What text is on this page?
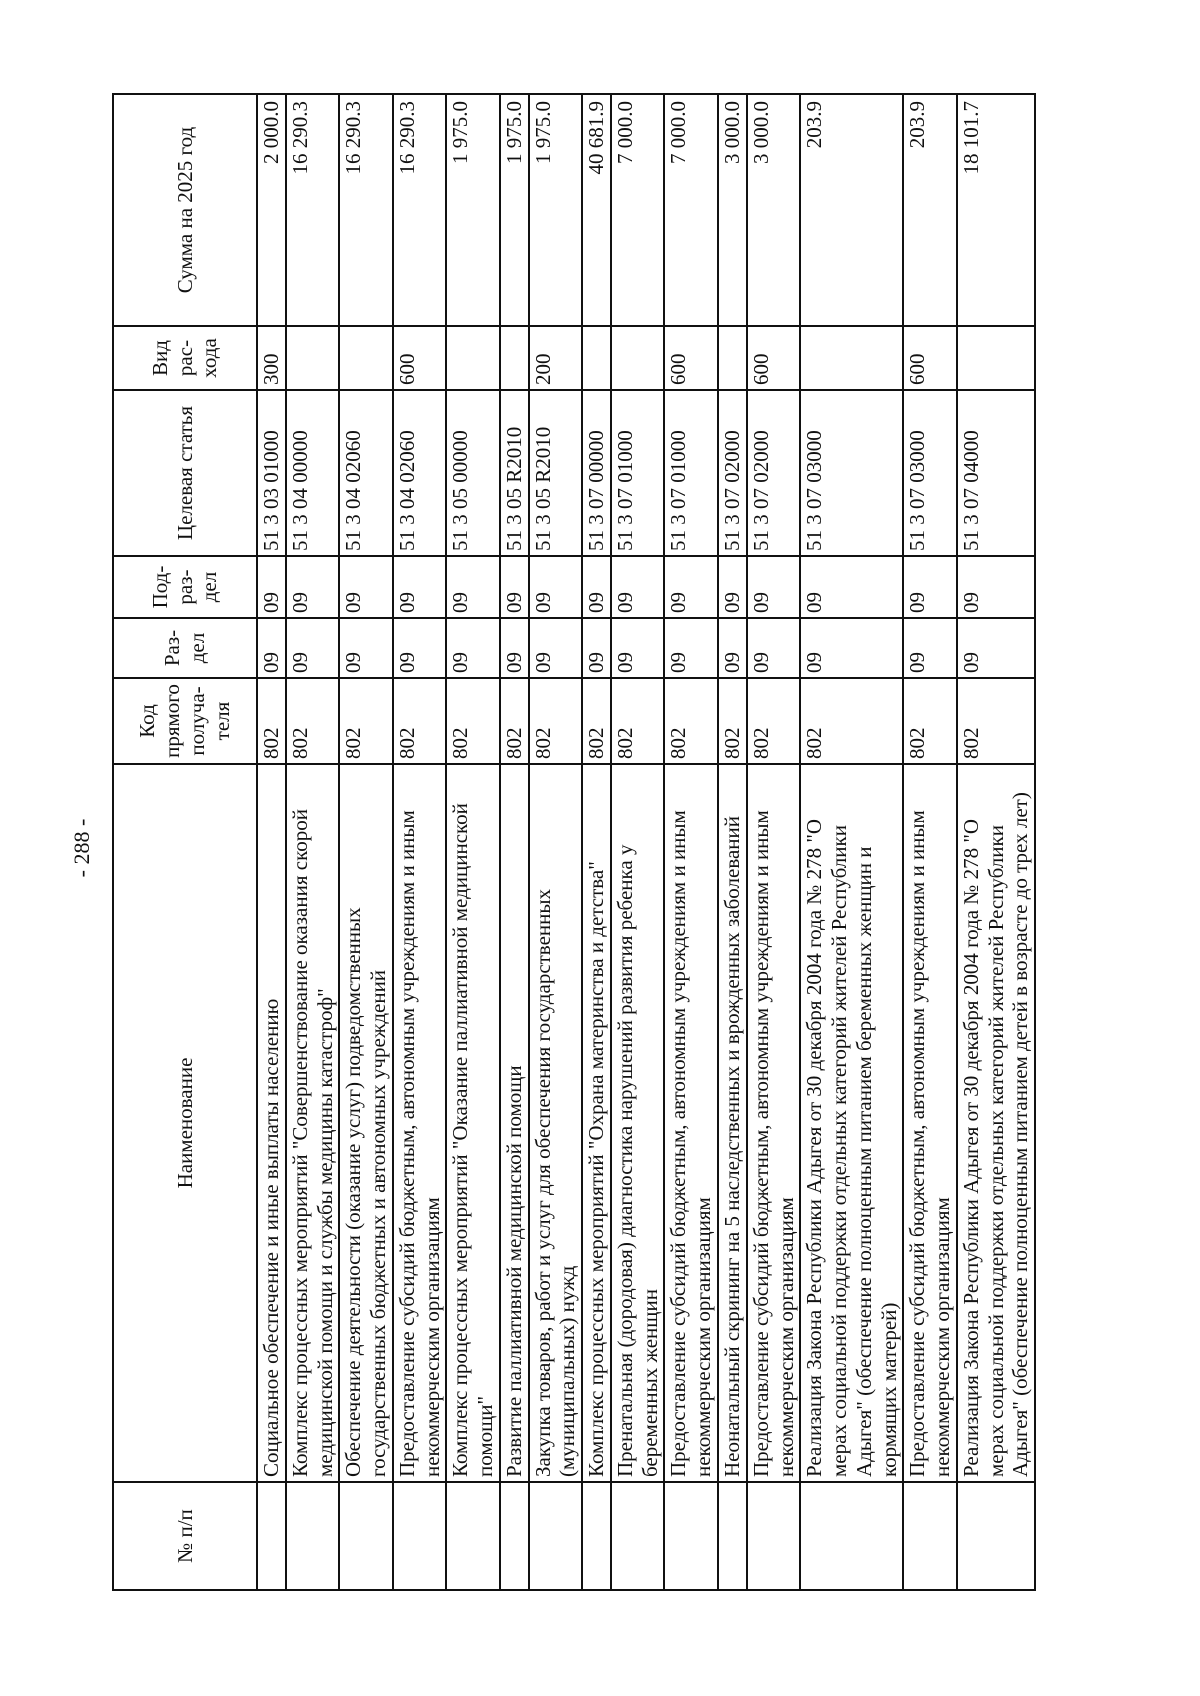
- 288 -
№ п/п	Наименование	Код прямого получа-теля	Раз-дел	Под-раз-дел	Целевая статья	Вид рас-хода	Сумма на 2025 год
	Социальное обеспечение и иные выплаты населению	802	09	09	51 3 03 01000	300	2 000.0
	Комплекс процессных мероприятий "Совершенствование оказания скорой медицинской помощи и службы медицины катастроф"	802	09	09	51 3 04 00000		16 290.3
	Обеспечение деятельности (оказание услуг) подведомственных государственных бюджетных и автономных учреждений	802	09	09	51 3 04 02060		16 290.3
	Предоставление субсидий бюджетным, автономным учреждениям и иным некоммерческим организациям	802	09	09	51 3 04 02060	600	16 290.3
	Комплекс процессных мероприятий "Оказание паллиативной медицинской помощи"	802	09	09	51 3 05 00000		1 975.0
	Развитие паллиативной медицинской помощи	802	09	09	51 3 05 R2010		1 975.0
	Закупка товаров, работ и услуг для обеспечения государственных (муниципальных) нужд	802	09	09	51 3 05 R2010	200	1 975.0
	Комплекс процессных мероприятий "Охрана материнства и детства"	802	09	09	51 3 07 00000		40 681.9
	Пренатальная (дородовая) диагностика нарушений развития ребенка у беременных женщин	802	09	09	51 3 07 01000		7 000.0
	Предоставление субсидий бюджетным, автономным учреждениям и иным некоммерческим организациям	802	09	09	51 3 07 01000	600	7 000.0
	Неонатальный скрининг на 5 наследственных и врожденных заболеваний	802	09	09	51 3 07 02000		3 000.0
	Предоставление субсидий бюджетным, автономным учреждениям и иным некоммерческим организациям	802	09	09	51 3 07 02000	600	3 000.0
	Реализация Закона Республики Адыгея от 30 декабря 2004 года № 278 "О мерах социальной поддержки отдельных категорий жителей Республики Адыгея" (обеспечение полноценным питанием беременных женщин и кормящих матерей)	802	09	09	51 3 07 03000		203.9
	Предоставление субсидий бюджетным, автономным учреждениям и иным некоммерческим организациям	802	09	09	51 3 07 03000	600	203.9
	Реализация Закона Республики Адыгея от 30 декабря 2004 года № 278 "О мерах социальной поддержки отдельных категорий жителей Республики Адыгея" (обеспечение полноценным питанием детей в возрасте до трех лет)	802	09	09	51 3 07 04000		18 101.7
